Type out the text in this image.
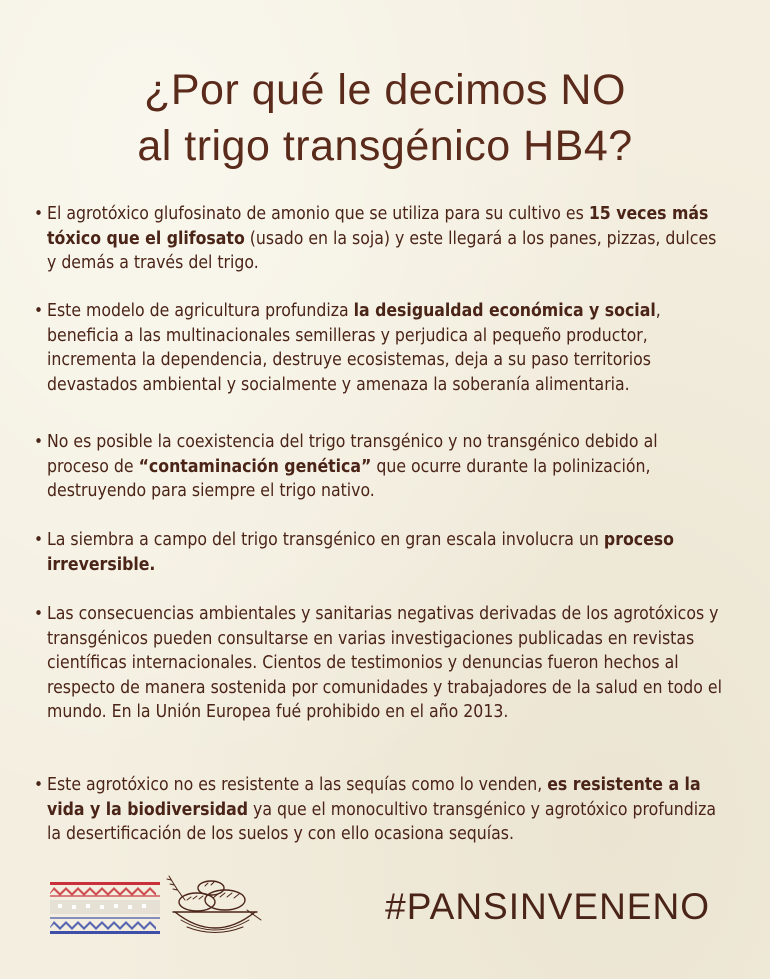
¿Por qué le decimos NO
al trigo transgénico HB4?
• El agrotóxico glufosinato de amonio que se utiliza para su cultivo es 15 veces más tóxico que el glifosato (usado en la soja) y este llegará a los panes, pizzas, dulces y demás a través del trigo.
• Este modelo de agricultura profundiza la desigualdad económica y social, beneficia a las multinacionales semilleras y perjudica al pequeño productor, incrementa la dependencia, destruye ecosistemas, deja a su paso territorios devastados ambiental y socialmente y amenaza la soberanía alimentaria.
• No es posible la coexistencia del trigo transgénico y no transgénico debido al proceso de “contaminación genética” que ocurre durante la polinización, destruyendo para siempre el trigo nativo.
• La siembra a campo del trigo transgénico en gran escala involucra un proceso irreversible.
• Las consecuencias ambientales y sanitarias negativas derivadas de los agrotóxicos y transgénicos pueden consultarse en varias investigaciones publicadas en revistas científicas internacionales. Cientos de testimonios y denuncias fueron hechos al respecto de manera sostenida por comunidades y trabajadores de la salud en todo el mundo. En la Unión Europea fué prohibido en el año 2013.
• Este agrotóxico no es resistente a las sequías como lo venden, es resistente a la vida y la biodiversidad ya que el monocultivo transgénico y agrotóxico profundiza la desertificación de los suelos y con ello ocasiona sequías.
#PANSINVENENO
